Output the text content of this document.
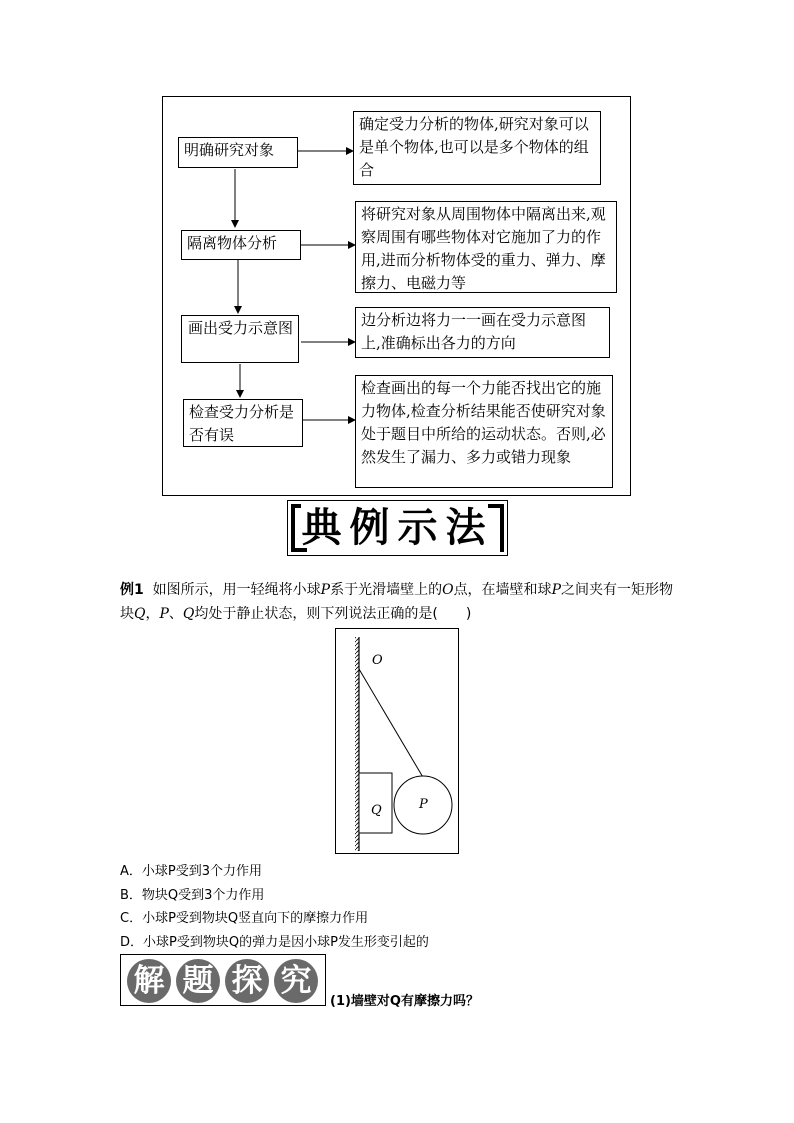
明确研究对象
确定受力分析的物体,研究对象可以是单个物体,也可以是多个物体的组合
隔离物体分析
将研究对象从周围物体中隔离出来,观察周围有哪些物体对它施加了力的作用,进而分析物体受的重力、弹力、摩擦力、电磁力等
画出受力示意图	边分析边将力一一画在受力示意图上,准确标出各力的方向
检查受力分析是否有误
检查画出的每一个力能否找出它的施力物体,检查分析结果能否使研究对象处于题目中所给的运动状态。否则,必然发生了漏力、多力或错力现象
典例示法
例1 如图所示，用一轻绳将小球P系于光滑墙壁上的O点，在墙壁和球P之间夹有一矩形物块Q，P、Q均处于静止状态，则下列说法正确的是(　　)
O
Q	P
A．小球P受到3个力作用
B．物块Q受到3个力作用
C．小球P受到物块Q竖直向下的摩擦力作用
D．小球P受到物块Q的弹力是因小球P发生形变引起的
解 题 探 究
(1)墙壁对Q有摩擦力吗？
